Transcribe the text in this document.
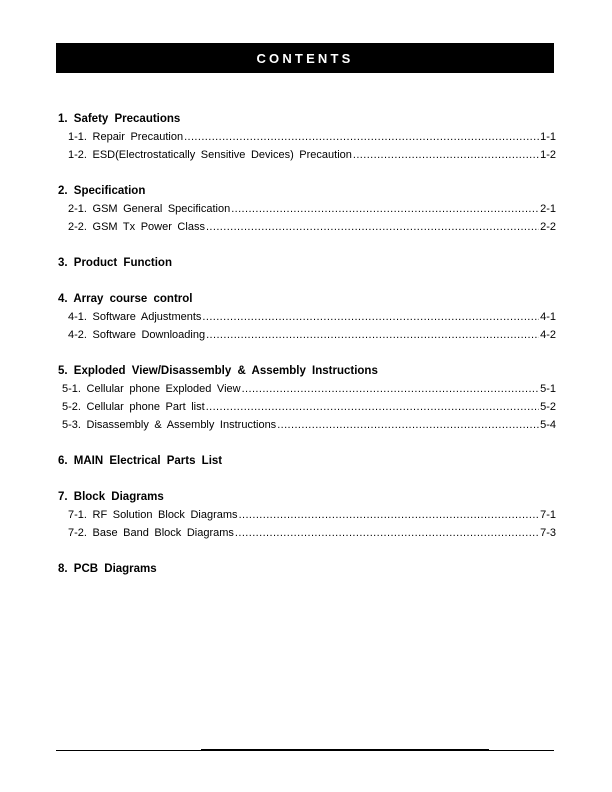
CONTENTS
1. Safety Precautions
1-1. Repair Precaution .....	1-1
1-2. ESD(Electrostatically Sensitive Devices) Precaution .....	1-2
2. Specification
2-1. GSM General Specification .....	2-1
2-2. GSM Tx Power Class .....	2-2
3. Product Function
4. Array course control
4-1. Software Adjustments .....	4-1
4-2. Software Downloading .....	4-2
5. Exploded View/Disassembly & Assembly Instructions
5-1. Cellular phone Exploded View .....	5-1
5-2. Cellular phone Part list .....	5-2
5-3. Disassembly & Assembly Instructions .....	5-4
6. MAIN Electrical Parts List
7. Block Diagrams
7-1. RF Solution Block Diagrams .....	7-1
7-2. Base Band Block Diagrams .....	7-3
8. PCB Diagrams
